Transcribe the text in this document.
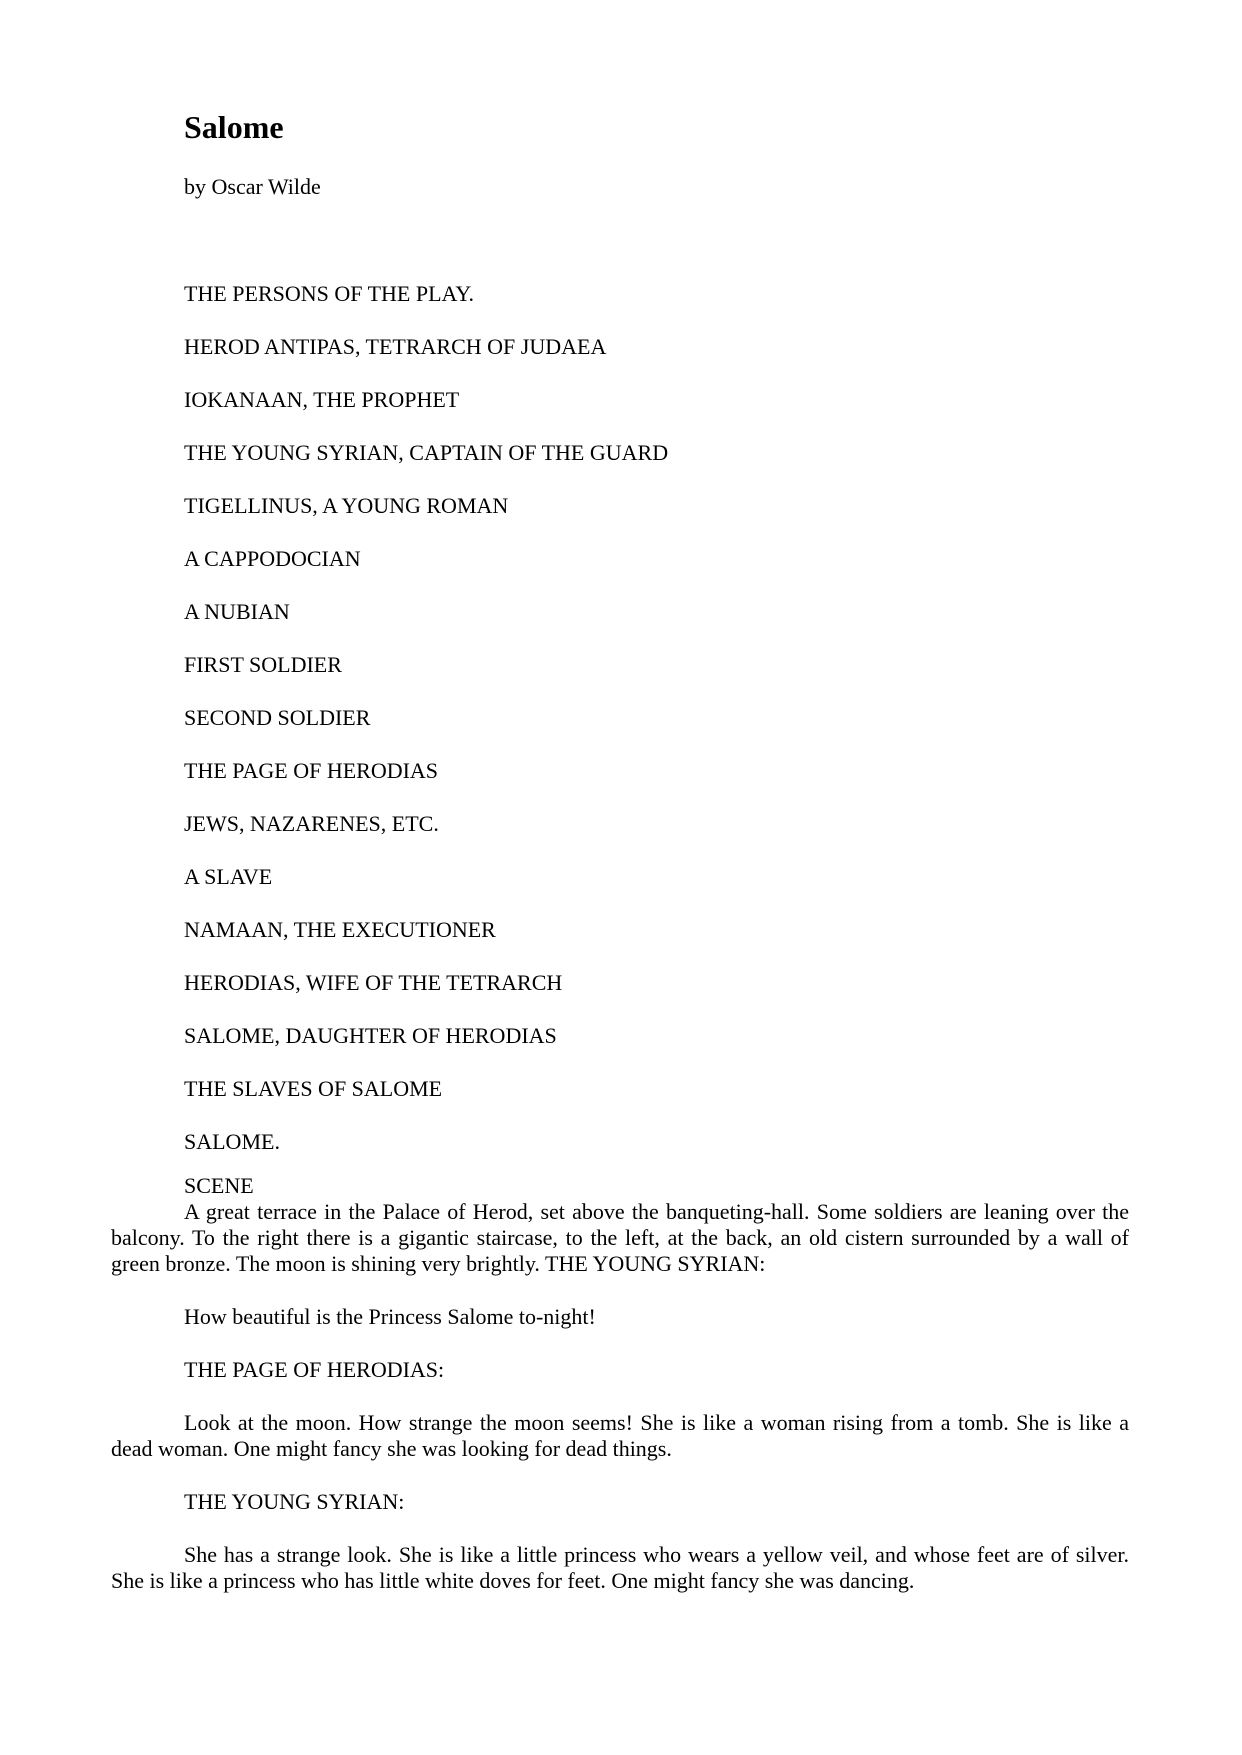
Salome

by Oscar Wilde

THE PERSONS OF THE PLAY.
HEROD ANTIPAS, TETRARCH OF JUDAEA
IOKANAAN, THE PROPHET
THE YOUNG SYRIAN, CAPTAIN OF THE GUARD
TIGELLINUS, A YOUNG ROMAN
A CAPPODOCIAN
A NUBIAN
FIRST SOLDIER
SECOND SOLDIER
THE PAGE OF HERODIAS
JEWS, NAZARENES, ETC.
A SLAVE
NAMAAN, THE EXECUTIONER
HERODIAS, WIFE OF THE TETRARCH
SALOME, DAUGHTER OF HERODIAS
THE SLAVES OF SALOME
SALOME.

SCENE

A great terrace in the Palace of Herod, set above the banqueting-hall. Some soldiers are leaning over the balcony. To the right there is a gigantic staircase, to the left, at the back, an old cistern surrounded by a wall of green bronze. The moon is shining very brightly. THE YOUNG SYRIAN:

How beautiful is the Princess Salome to-night!

THE PAGE OF HERODIAS:

Look at the moon. How strange the moon seems! She is like a woman rising from a tomb. She is like a dead woman. One might fancy she was looking for dead things.

THE YOUNG SYRIAN:

She has a strange look. She is like a little princess who wears a yellow veil, and whose feet are of silver. She is like a princess who has little white doves for feet. One might fancy she was dancing.
